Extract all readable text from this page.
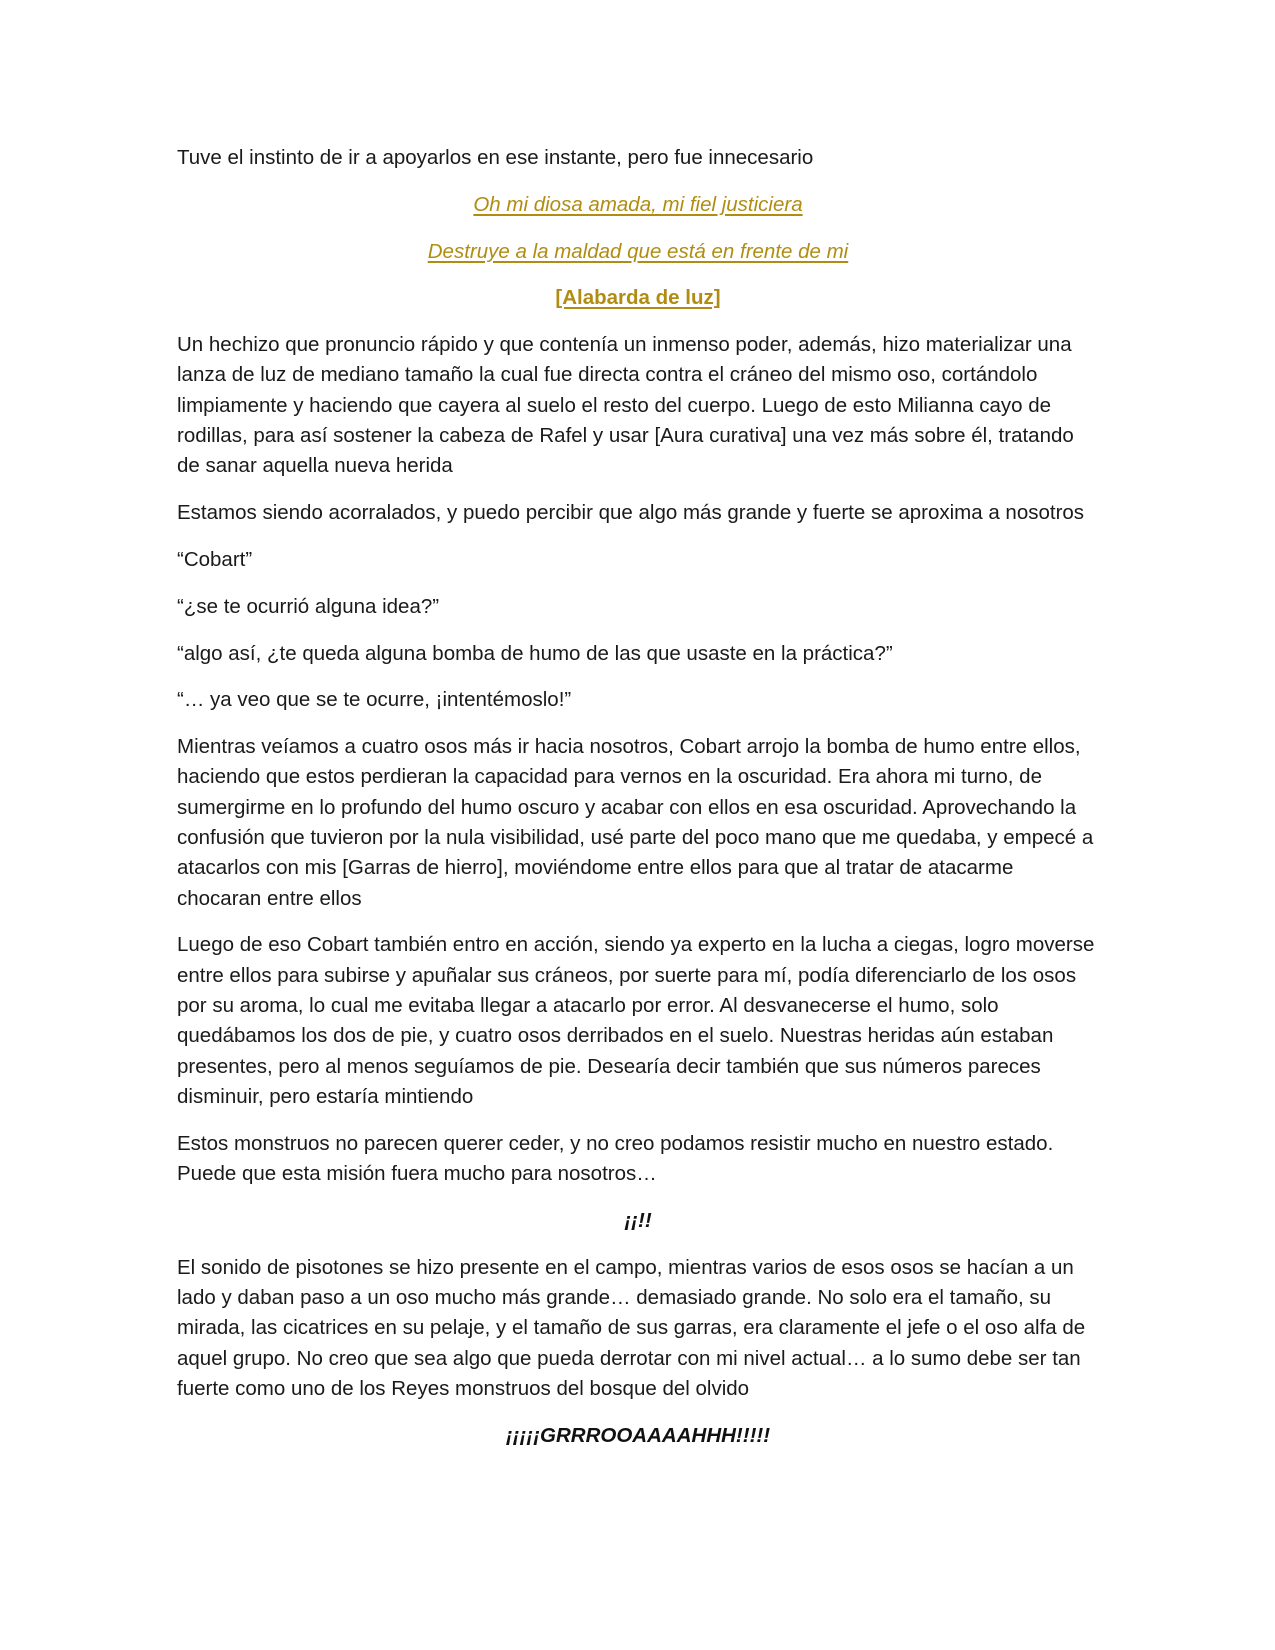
Tuve el instinto de ir a apoyarlos en ese instante, pero fue innecesario

Oh mi diosa amada, mi fiel justiciera

Destruye a la maldad que está en frente de mi

[Alabarda de luz]

Un hechizo que pronuncio rápido y que contenía un inmenso poder, además, hizo materializar una lanza de luz de mediano tamaño la cual fue directa contra el cráneo del mismo oso, cortándolo limpiamente y haciendo que cayera al suelo el resto del cuerpo. Luego de esto Milianna cayo de rodillas, para así sostener la cabeza de Rafel y usar [Aura curativa] una vez más sobre él, tratando de sanar aquella nueva herida

Estamos siendo acorralados, y puedo percibir que algo más grande y fuerte se aproxima a nosotros

“Cobart”

“¿se te ocurrió alguna idea?”

“algo así, ¿te queda alguna bomba de humo de las que usaste en la práctica?”

“… ya veo que se te ocurre, ¡intentémoslo!”

Mientras veíamos a cuatro osos más ir hacia nosotros, Cobart arrojo la bomba de humo entre ellos, haciendo que estos perdieran la capacidad para vernos en la oscuridad. Era ahora mi turno, de sumergirme en lo profundo del humo oscuro y acabar con ellos en esa oscuridad. Aprovechando la confusión que tuvieron por la nula visibilidad, usé parte del poco mano que me quedaba, y empecé a atacarlos con mis [Garras de hierro], moviéndome entre ellos para que al tratar de atacarme chocaran entre ellos

Luego de eso Cobart también entro en acción, siendo ya experto en la lucha a ciegas, logro moverse entre ellos para subirse y apuñalar sus cráneos, por suerte para mí, podía diferenciarlo de los osos por su aroma, lo cual me evitaba llegar a atacarlo por error. Al desvanecerse el humo, solo quedábamos los dos de pie, y cuatro osos derribados en el suelo. Nuestras heridas aún estaban presentes, pero al menos seguíamos de pie. Desearía decir también que sus números pareces disminuir, pero estaría mintiendo

Estos monstruos no parecen querer ceder, y no creo podamos resistir mucho en nuestro estado. Puede que esta misión fuera mucho para nosotros…

¡¡!!

El sonido de pisotones se hizo presente en el campo, mientras varios de esos osos se hacían a un lado y daban paso a un oso mucho más grande… demasiado grande. No solo era el tamaño, su mirada, las cicatrices en su pelaje, y el tamaño de sus garras, era claramente el jefe o el oso alfa de aquel grupo. No creo que sea algo que pueda derrotar con mi nivel actual… a lo sumo debe ser tan fuerte como uno de los Reyes monstruos del bosque del olvido

¡¡¡¡¡GRRROOAAAAHHH!!!!!
